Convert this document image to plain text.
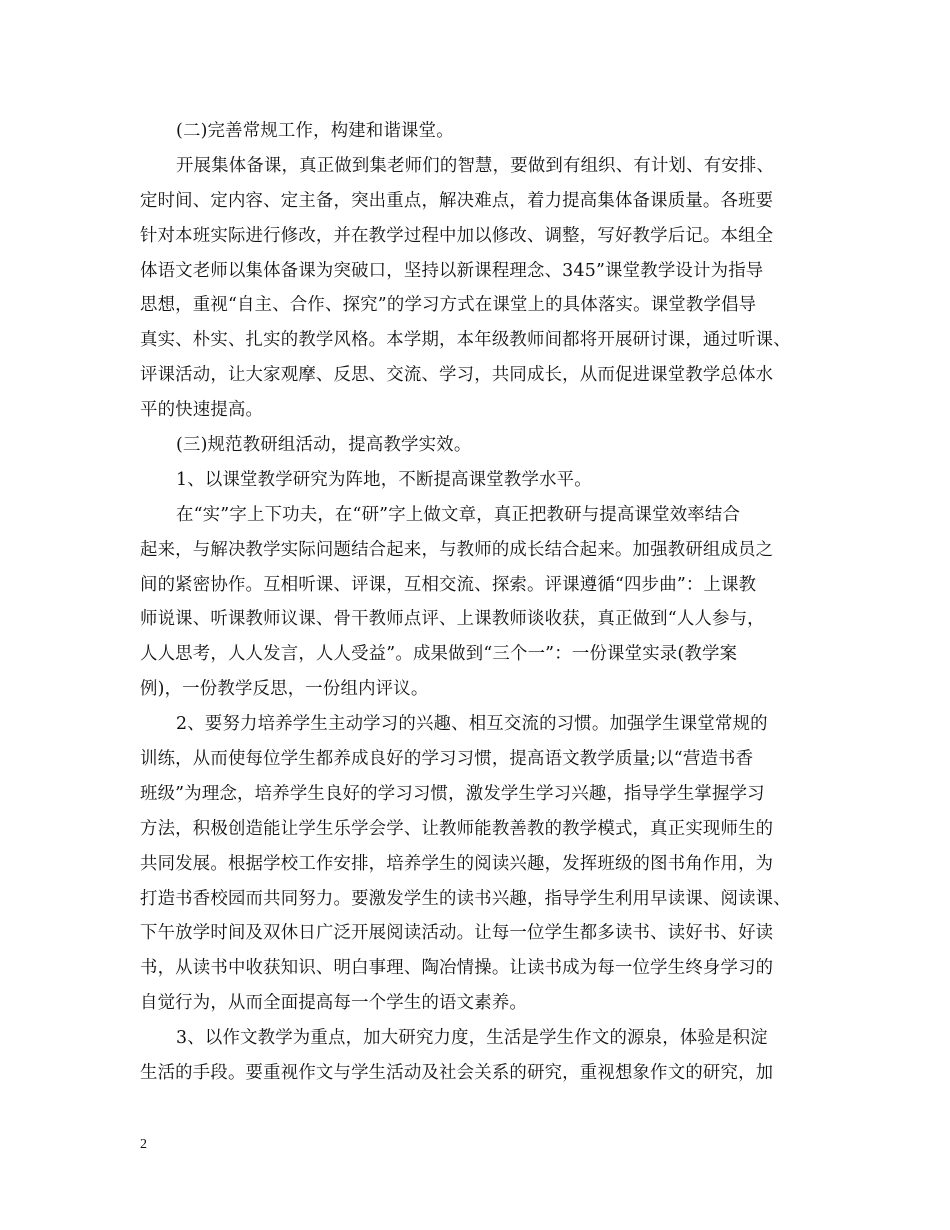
(二)完善常规工作，构建和谐课堂。
开展集体备课，真正做到集老师们的智慧，要做到有组织、有计划、有安排、
定时间、定内容、定主备，突出重点，解决难点，着力提高集体备课质量。各班要
针对本班实际进行修改，并在教学过程中加以修改、调整，写好教学后记。本组全
体语文老师以集体备课为突破口，坚持以新课程理念、345”课堂教学设计为指导
思想，重视“自主、合作、探究”的学习方式在课堂上的具体落实。课堂教学倡导
真实、朴实、扎实的教学风格。本学期，本年级教师间都将开展研讨课，通过听课、
评课活动，让大家观摩、反思、交流、学习，共同成长，从而促进课堂教学总体水
平的快速提高。
(三)规范教研组活动，提高教学实效。
1、以课堂教学研究为阵地，不断提高课堂教学水平。
在“实”字上下功夫，在“研”字上做文章，真正把教研与提高课堂效率结合
起来，与解决教学实际问题结合起来，与教师的成长结合起来。加强教研组成员之
间的紧密协作。互相听课、评课，互相交流、探索。评课遵循“四步曲”：上课教
师说课、听课教师议课、骨干教师点评、上课教师谈收获，真正做到“人人参与，
人人思考，人人发言，人人受益”。成果做到“三个一”：一份课堂实录(教学案
例)，一份教学反思，一份组内评议。
2、要努力培养学生主动学习的兴趣、相互交流的习惯。加强学生课堂常规的
训练，从而使每位学生都养成良好的学习习惯，提高语文教学质量;以“营造书香
班级”为理念，培养学生良好的学习习惯，激发学生学习兴趣，指导学生掌握学习
方法，积极创造能让学生乐学会学、让教师能教善教的教学模式，真正实现师生的
共同发展。根据学校工作安排，培养学生的阅读兴趣，发挥班级的图书角作用，为
打造书香校园而共同努力。要激发学生的读书兴趣，指导学生利用早读课、阅读课、
下午放学时间及双休日广泛开展阅读活动。让每一位学生都多读书、读好书、好读
书，从读书中收获知识、明白事理、陶冶情操。让读书成为每一位学生终身学习的
自觉行为，从而全面提高每一个学生的语文素养。
3、以作文教学为重点，加大研究力度，生活是学生作文的源泉，体验是积淀
生活的手段。要重视作文与学生活动及社会关系的研究，重视想象作文的研究，加
2
